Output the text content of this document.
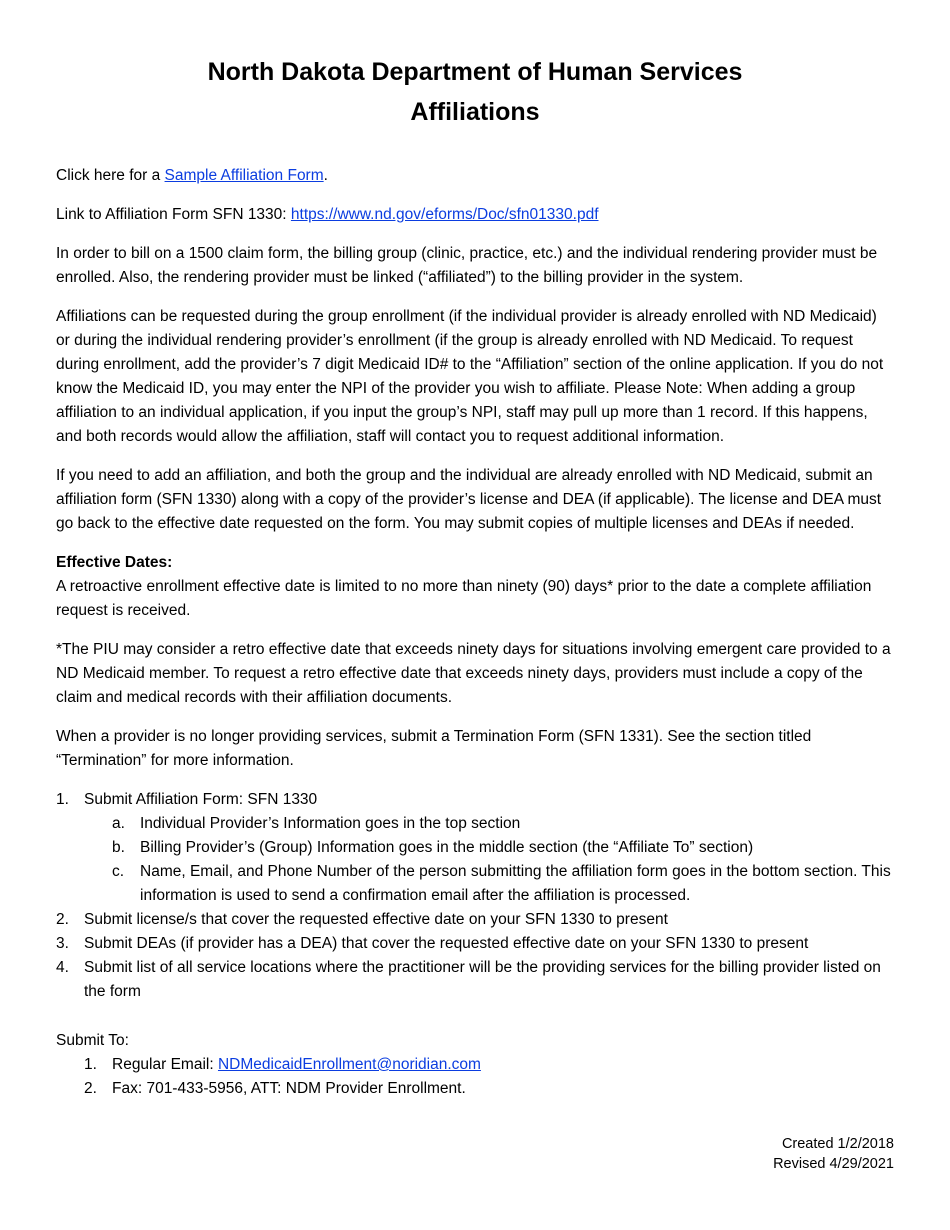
North Dakota Department of Human Services
Affiliations

Click here for a Sample Affiliation Form.

Link to Affiliation Form SFN 1330: https://www.nd.gov/eforms/Doc/sfn01330.pdf

In order to bill on a 1500 claim form, the billing group (clinic, practice, etc.) and the individual rendering provider must be enrolled. Also, the rendering provider must be linked (“affiliated”) to the billing provider in the system.

Affiliations can be requested during the group enrollment (if the individual provider is already enrolled with ND Medicaid) or during the individual rendering provider’s enrollment (if the group is already enrolled with ND Medicaid. To request during enrollment, add the provider’s 7 digit Medicaid ID# to the “Affiliation” section of the online application. If you do not know the Medicaid ID, you may enter the NPI of the provider you wish to affiliate. Please Note: When adding a group affiliation to an individual application, if you input the group’s NPI, staff may pull up more than 1 record. If this happens, and both records would allow the affiliation, staff will contact you to request additional information.

If you need to add an affiliation, and both the group and the individual are already enrolled with ND Medicaid, submit an affiliation form (SFN 1330) along with a copy of the provider’s license and DEA (if applicable). The license and DEA must go back to the effective date requested on the form. You may submit copies of multiple licenses and DEAs if needed.

Effective Dates:
A retroactive enrollment effective date is limited to no more than ninety (90) days* prior to the date a complete affiliation request is received.

*The PIU may consider a retro effective date that exceeds ninety days for situations involving emergent care provided to a ND Medicaid member. To request a retro effective date that exceeds ninety days, providers must include a copy of the claim and medical records with their affiliation documents.

When a provider is no longer providing services, submit a Termination Form (SFN 1331). See the section titled “Termination” for more information.

1. Submit Affiliation Form: SFN 1330
a. Individual Provider’s Information goes in the top section
b. Billing Provider’s (Group) Information goes in the middle section (the “Affiliate To” section)
c. Name, Email, and Phone Number of the person submitting the affiliation form goes in the bottom section. This information is used to send a confirmation email after the affiliation is processed.
2. Submit license/s that cover the requested effective date on your SFN 1330 to present
3. Submit DEAs (if provider has a DEA) that cover the requested effective date on your SFN 1330 to present
4. Submit list of all service locations where the practitioner will be the providing services for the billing provider listed on the form
Submit To:
1. Regular Email: NDMedicaidEnrollment@noridian.com
2. Fax: 701-433-5956, ATT: NDM Provider Enrollment.
Created 1/2/2018
Revised 4/29/2021
